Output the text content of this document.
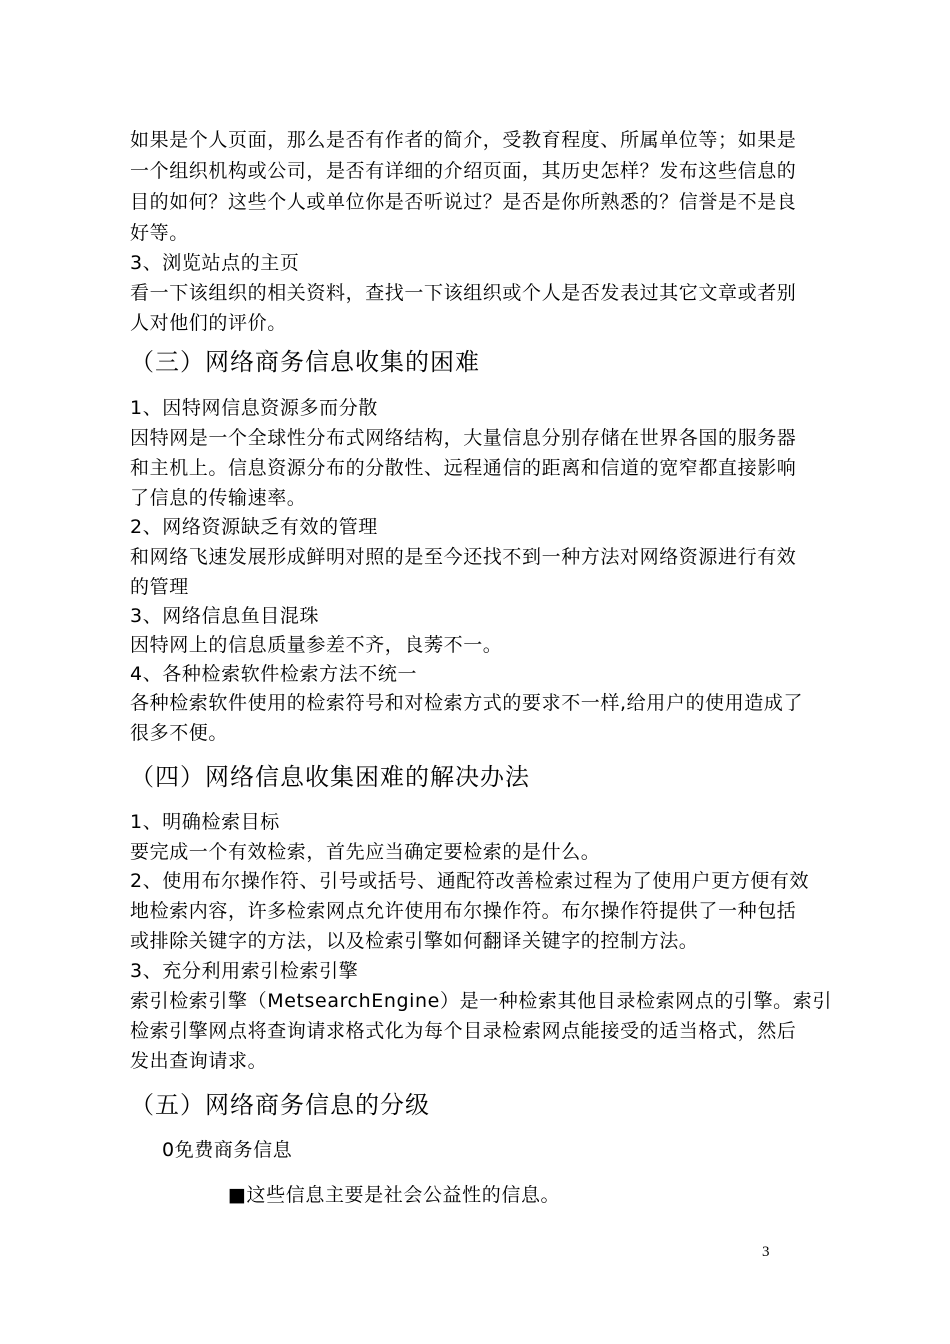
如果是个人页面，那么是否有作者的简介，受教育程度、所属单位等；如果是
一个组织机构或公司，是否有详细的介绍页面，其历史怎样？发布这些信息的
目的如何？这些个人或单位你是否听说过？是否是你所熟悉的？信誉是不是良
好等。
3、浏览站点的主页
看一下该组织的相关资料，查找一下该组织或个人是否发表过其它文章或者别
人对他们的评价。
（三）网络商务信息收集的困难
1、因特网信息资源多而分散
因特网是一个全球性分布式网络结构，大量信息分别存储在世界各国的服务器
和主机上。信息资源分布的分散性、远程通信的距离和信道的宽窄都直接影响
了信息的传输速率。
2、网络资源缺乏有效的管理
和网络飞速发展形成鲜明对照的是至今还找不到一种方法对网络资源进行有效
的管理
3、网络信息鱼目混珠
因特网上的信息质量参差不齐，良莠不一。
4、各种检索软件检索方法不统一
各种检索软件使用的检索符号和对检索方式的要求不一样,给用户的使用造成了
很多不便。
（四）网络信息收集困难的解决办法
1、明确检索目标
要完成一个有效检索，首先应当确定要检索的是什么。
2、使用布尔操作符、引号或括号、通配符改善检索过程为了使用户更方便有效
地检索内容，许多检索网点允许使用布尔操作符。布尔操作符提供了一种包括
或排除关键字的方法，以及检索引擎如何翻译关键字的控制方法。
3、充分利用索引检索引擎
索引检索引擎（MetsearchEngine）是一种检索其他目录检索网点的引擎。索引
检索引擎网点将查询请求格式化为每个目录检索网点能接受的适当格式，然后
发出查询请求。
（五）网络商务信息的分级
0免费商务信息
■这些信息主要是社会公益性的信息。
3
